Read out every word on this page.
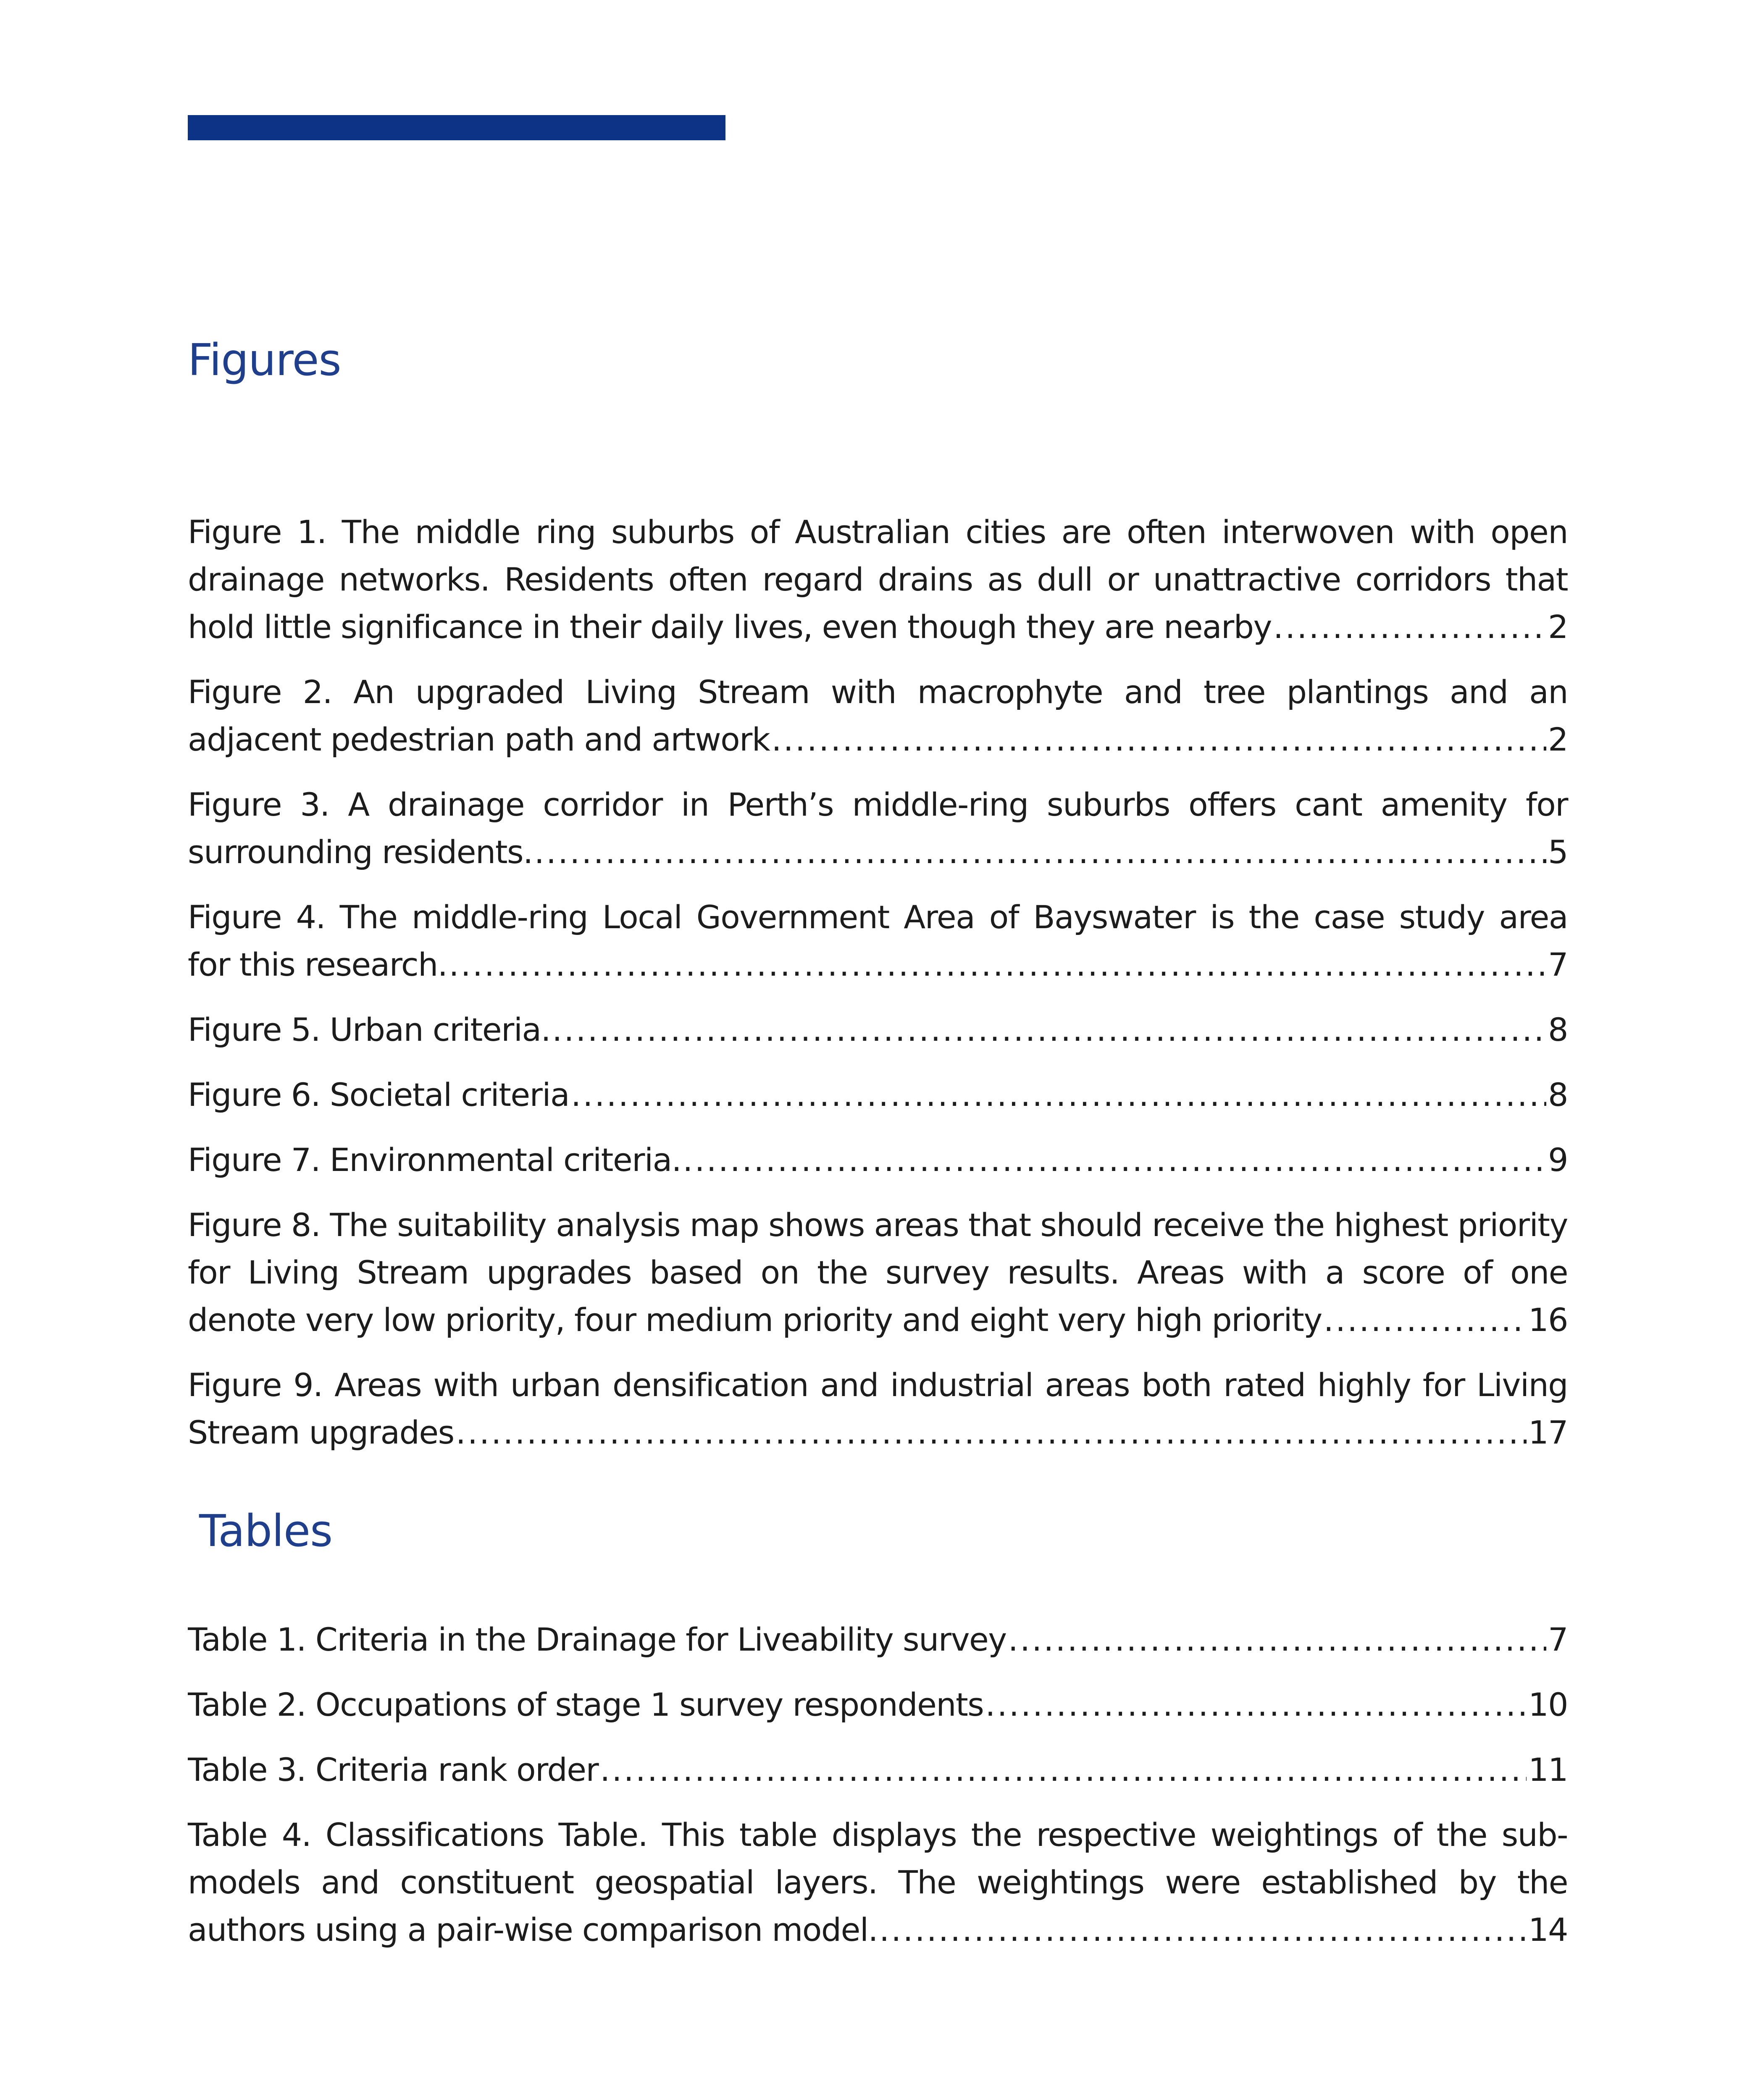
Figures
Figure 1. The middle ring suburbs of Australian cities are often interwoven with open
drainage networks. Residents often regard drains as dull or unattractive corridors that
hold little significance in their daily lives, even though they are nearby .....	2
Figure 2. An upgraded Living Stream with macrophyte and tree plantings and an
adjacent pedestrian path and artwork .....	2
Figure 3. A drainage corridor in Perth’s middle-ring suburbs offers cant amenity for
surrounding residents. .....	5
Figure 4. The middle-ring Local Government Area of Bayswater is the case study area
for this research. .....	7
Figure 5. Urban criteria. .....	8
Figure 6. Societal criteria .....	8
Figure 7. Environmental criteria. .....	9
Figure 8. The suitability analysis map shows areas that should receive the highest priority
for Living Stream upgrades based on the survey results. Areas with a score of one
denote very low priority, four medium priority and eight very high priority .....	16
Figure 9. Areas with urban densification and industrial areas both rated highly for Living
Stream upgrades .....	17
Tables
Table 1. Criteria in the Drainage for Liveability survey .....	7
Table 2. Occupations of stage 1 survey respondents .....	10
Table 3. Criteria rank order .....	11
Table 4. Classifications Table. This table displays the respective weightings of the sub-
models and constituent geospatial layers. The weightings were established by the
authors using a pair-wise comparison model. .....	14
